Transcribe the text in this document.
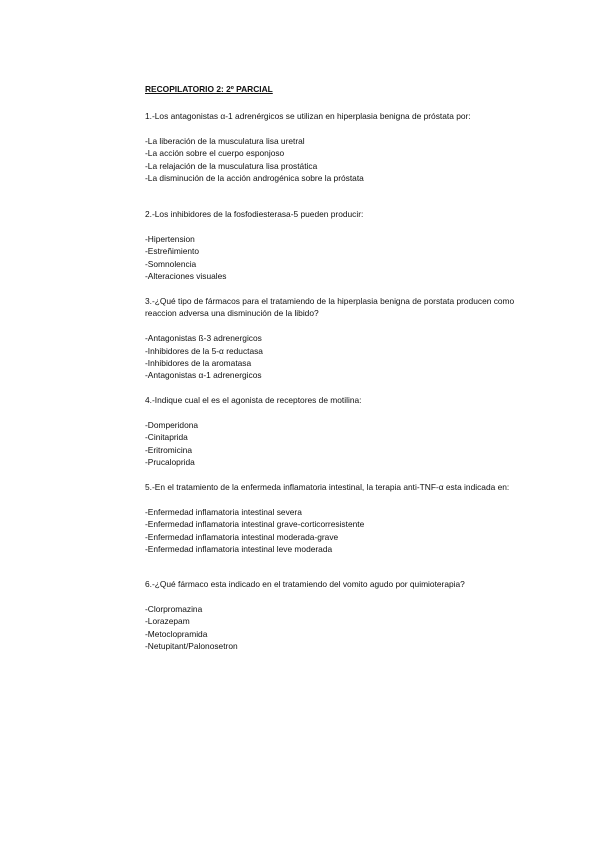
RECOPILATORIO 2: 2º PARCIAL
1.-Los antagonistas α-1 adrenérgicos se utilizan en hiperplasia benigna de próstata por:
-La liberación de la musculatura lisa uretral
-La acción sobre el cuerpo esponjoso
-La relajación de la musculatura lisa prostática
-La disminución de la acción androgénica sobre la próstata
2.-Los inhibidores de la fosfodiesterasa-5 pueden producir:
-Hipertension
-Estreñimiento
-Somnolencia
-Alteraciones visuales
3.-¿Qué tipo de fármacos para el tratamiendo de la hiperplasia benigna de porstata producen como reaccion adversa una disminución de la libido?
-Antagonistas ß-3 adrenergicos
-Inhibidores de la 5-α reductasa
-Inhibidores de la aromatasa
-Antagonistas α-1 adrenergicos
4.-Indique cual el es el agonista de receptores de motilina:
-Domperidona
-Cinitaprida
-Eritromicina
-Prucaloprida
5.-En el tratamiento de la enfermeda inflamatoria intestinal, la terapia anti-TNF-α esta indicada en:
-Enfermedad inflamatoria intestinal severa
-Enfermedad inflamatoria intestinal grave-corticorresistente
-Enfermedad inflamatoria intestinal moderada-grave
-Enfermedad inflamatoria intestinal leve moderada
6.-¿Qué fármaco esta indicado en el tratamiendo del vomito agudo por quimioterapia?
-Clorpromazina
-Lorazepam
-Metoclopramida
-Netupitant/Palonosetron
